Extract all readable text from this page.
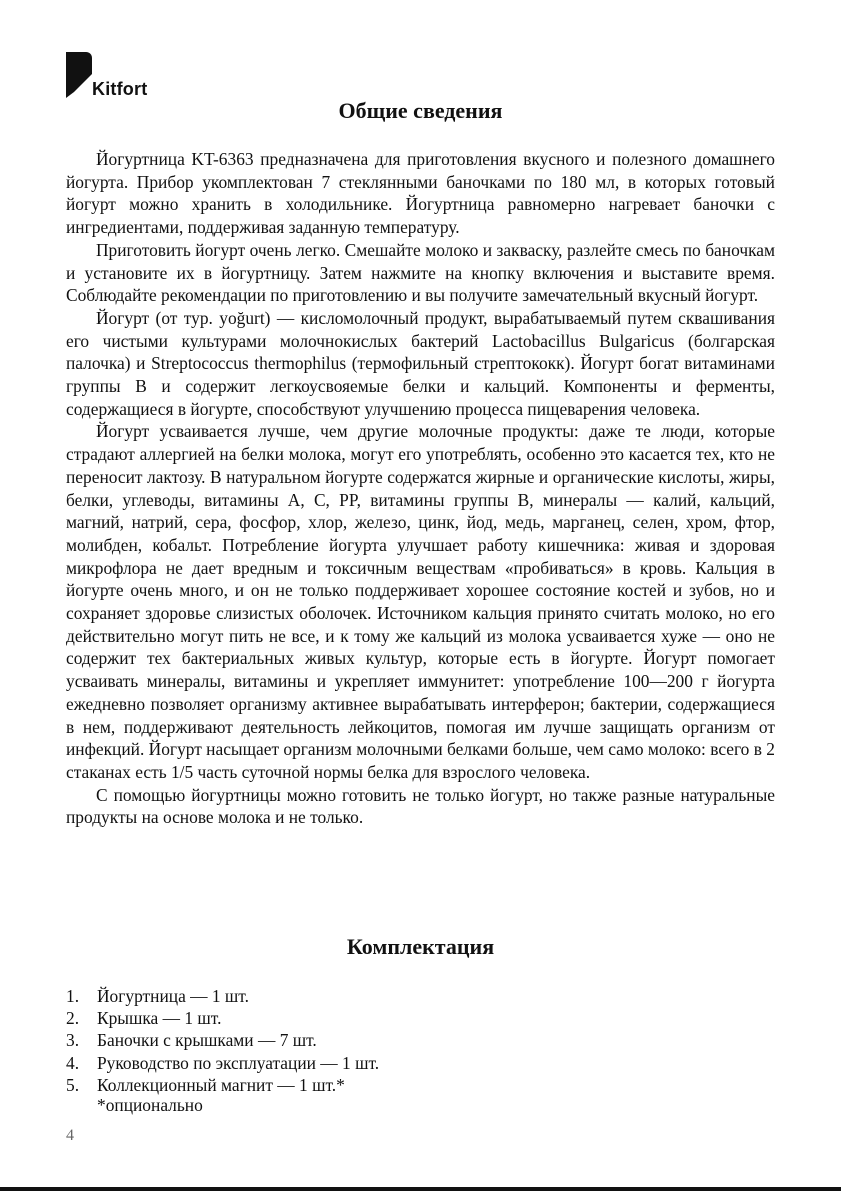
Kitfort
Общие сведения

Йогуртница KT-6363 предназначена для приготовления вкусного и полезного домашнего йогурта. Прибор укомплектован 7 стеклянными баночками по 180 мл, в которых готовый йогурт можно хранить в холодильнике. Йогуртница равномерно нагревает баночки с ингредиентами, поддерживая заданную температуру.

Приготовить йогурт очень легко. Смешайте молоко и закваску, разлейте смесь по баночкам и установите их в йогуртницу. Затем нажмите на кнопку включения и выставите время. Соблюдайте рекомендации по приготовлению и вы получите замечательный вкусный йогурт.

Йогурт (от тур. yoğurt) — кисломолочный продукт, вырабатываемый путем сквашивания его чистыми культурами молочнокислых бактерий Lactobacillus Bulgaricus (болгарская палочка) и Streptococcus thermophilus (термофильный стрептококк). Йогурт богат витаминами группы B и содержит легкоусвояемые белки и кальций. Компоненты и ферменты, содержащиеся в йогурте, способствуют улучшению процесса пищеварения человека.

Йогурт усваивается лучше, чем другие молочные продукты: даже те люди, которые страдают аллергией на белки молока, могут его употреблять, особенно это касается тех, кто не переносит лактозу. В натуральном йогурте содержатся жирные и органические кислоты, жиры, белки, углеводы, витамины A, C, PP, витамины группы B, минералы — калий, кальций, магний, натрий, сера, фосфор, хлор, железо, цинк, йод, медь, марганец, селен, хром, фтор, молибден, кобальт. Потребление йогурта улучшает работу кишечника: живая и здоровая микрофлора не дает вредным и токсичным веществам «пробиваться» в кровь. Кальция в йогурте очень много, и он не только поддерживает хорошее состояние костей и зубов, но и сохраняет здоровье слизистых оболочек. Источником кальция принято считать молоко, но его действительно могут пить не все, и к тому же кальций из молока усваивается хуже — оно не содержит тех бактериальных живых культур, которые есть в йогурте. Йогурт помогает усваивать минералы, витамины и укрепляет иммунитет: употребление 100—200 г йогурта ежедневно позволяет организму активнее вырабатывать интерферон; бактерии, содержащиеся в нем, поддерживают деятельность лейкоцитов, помогая им лучше защищать организм от инфекций. Йогурт насыщает организм молочными белками больше, чем само молоко: всего в 2 стаканах есть 1/5 часть суточной нормы белка для взрослого человека.

С помощью йогуртницы можно готовить не только йогурт, но также разные натуральные продукты на основе молока и не только.

Комплектация
1. Йогуртница — 1 шт.
2. Крышка — 1 шт.
3. Баночки с крышками — 7 шт.
4. Руководство по эксплуатации — 1 шт.
5. Коллекционный магнит — 1 шт.*
*опционально
4
